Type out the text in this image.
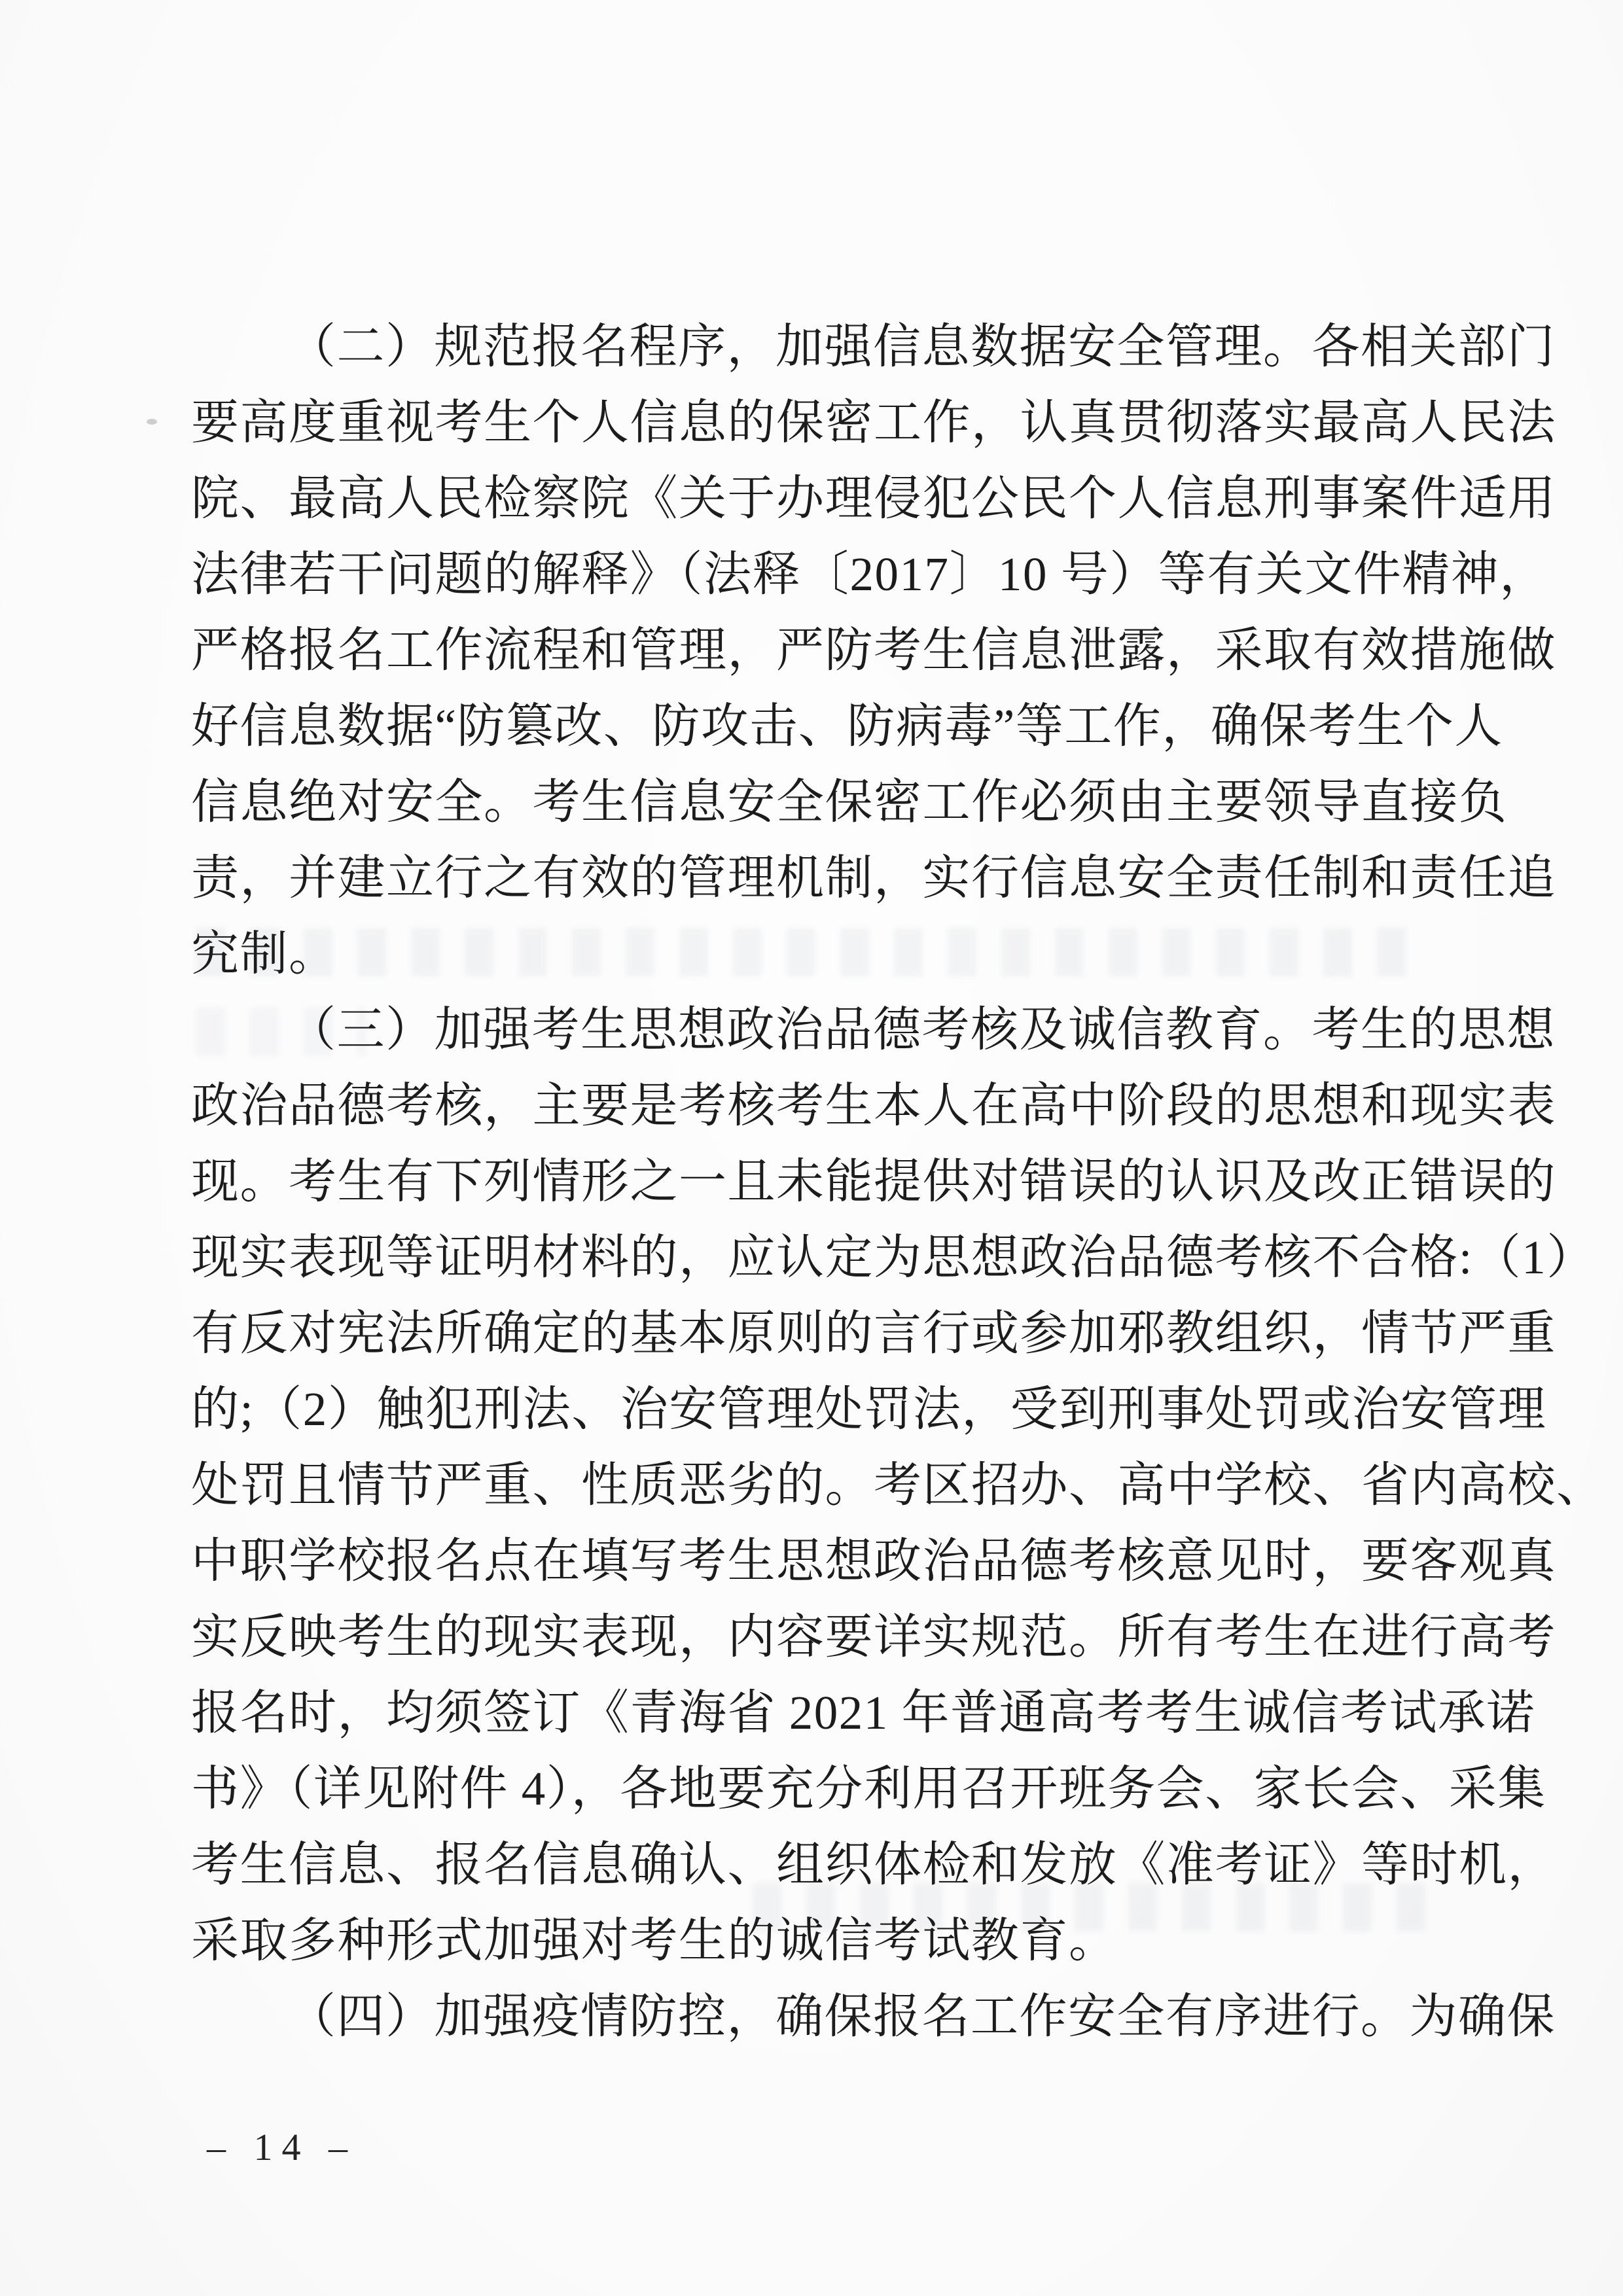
（二）规范报名程序，加强信息数据安全管理。各相关部门
要高度重视考生个人信息的保密工作，认真贯彻落实最高人民法
院、最高人民检察院《关于办理侵犯公民个人信息刑事案件适用
法律若干问题的解释》（法释〔2017〕10 号）等有关文件精神，
严格报名工作流程和管理，严防考生信息泄露，采取有效措施做
好信息数据“防篡改、防攻击、防病毒”等工作，确保考生个人
信息绝对安全。考生信息安全保密工作必须由主要领导直接负
责，并建立行之有效的管理机制，实行信息安全责任制和责任追
究制。
（三）加强考生思想政治品德考核及诚信教育。考生的思想
政治品德考核，主要是考核考生本人在高中阶段的思想和现实表
现。考生有下列情形之一且未能提供对错误的认识及改正错误的
现实表现等证明材料的，应认定为思想政治品德考核不合格:（1）
有反对宪法所确定的基本原则的言行或参加邪教组织，情节严重
的;（2）触犯刑法、治安管理处罚法，受到刑事处罚或治安管理
处罚且情节严重、性质恶劣的。考区招办、高中学校、省内高校、
中职学校报名点在填写考生思想政治品德考核意见时，要客观真
实反映考生的现实表现，内容要详实规范。所有考生在进行高考
报名时，均须签订《青海省 2021 年普通高考考生诚信考试承诺
书》（详见附件 4），各地要充分利用召开班务会、家长会、采集
考生信息、报名信息确认、组织体检和发放《准考证》等时机，
采取多种形式加强对考生的诚信考试教育。
（四）加强疫情防控，确保报名工作安全有序进行。为确保
– 14 –
